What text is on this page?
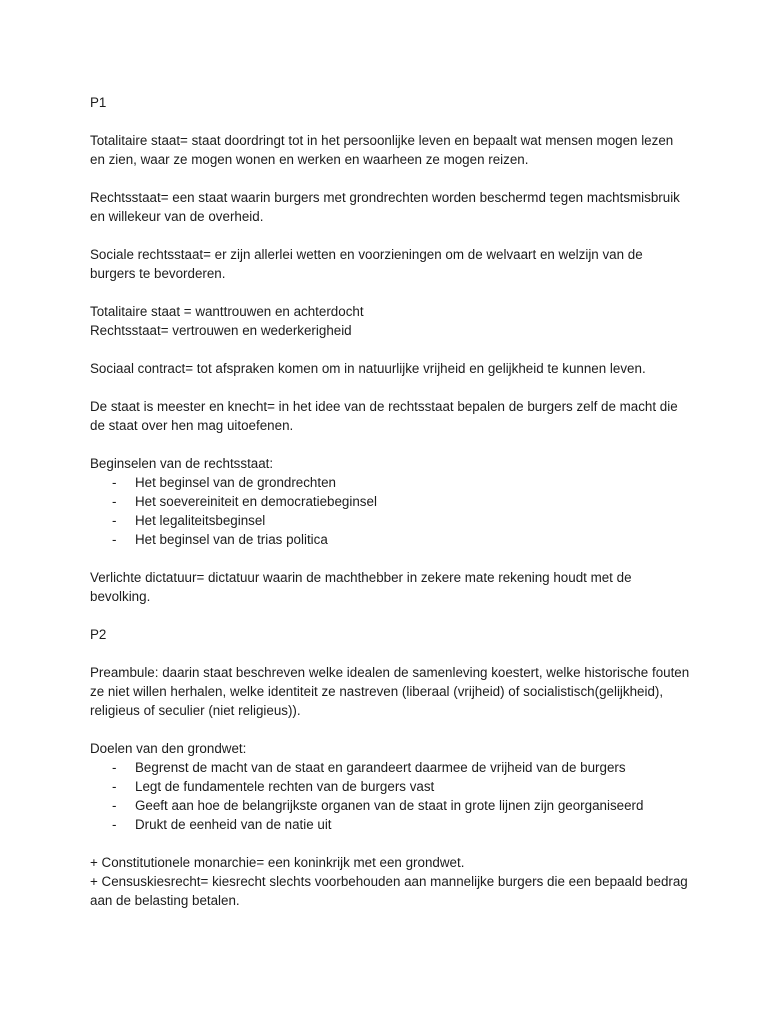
P1

Totalitaire staat= staat doordringt tot in het persoonlijke leven en bepaalt wat mensen mogen lezen en zien, waar ze mogen wonen en werken en waarheen ze mogen reizen.

Rechtsstaat= een staat waarin burgers met grondrechten worden beschermd tegen machtsmisbruik en willekeur van de overheid.

Sociale rechtsstaat= er zijn allerlei wetten en voorzieningen om de welvaart en welzijn van de burgers te bevorderen.

Totalitaire staat = wanttrouwen en achterdocht

Rechtsstaat= vertrouwen en wederkerigheid

Sociaal contract= tot afspraken komen om in natuurlijke vrijheid en gelijkheid te kunnen leven.

De staat is meester en knecht= in het idee van de rechtsstaat bepalen de burgers zelf de macht die de staat over hen mag uitoefenen.

Beginselen van de rechtsstaat:

- Het beginsel van de grondrechten
- Het soevereiniteit en democratiebeginsel
- Het legaliteitsbeginsel
- Het beginsel van de trias politica

Verlichte dictatuur= dictatuur waarin de machthebber in zekere mate rekening houdt met de bevolking.

P2

Preambule: daarin staat beschreven welke idealen de samenleving koestert, welke historische fouten ze niet willen herhalen, welke identiteit ze nastreven (liberaal (vrijheid) of socialistisch(gelijkheid), religieus of seculier (niet religieus)).

Doelen van den grondwet:

- Begrenst de macht van de staat en garandeert daarmee de vrijheid van de burgers
- Legt de fundamentele rechten van de burgers vast
- Geeft aan hoe de belangrijkste organen van de staat in grote lijnen zijn georganiseerd
- Drukt de eenheid van de natie uit

+ Constitutionele monarchie= een koninkrijk met een grondwet.

+ Censuskiesrecht= kiesrecht slechts voorbehouden aan mannelijke burgers die een bepaald bedrag aan de belasting betalen.
